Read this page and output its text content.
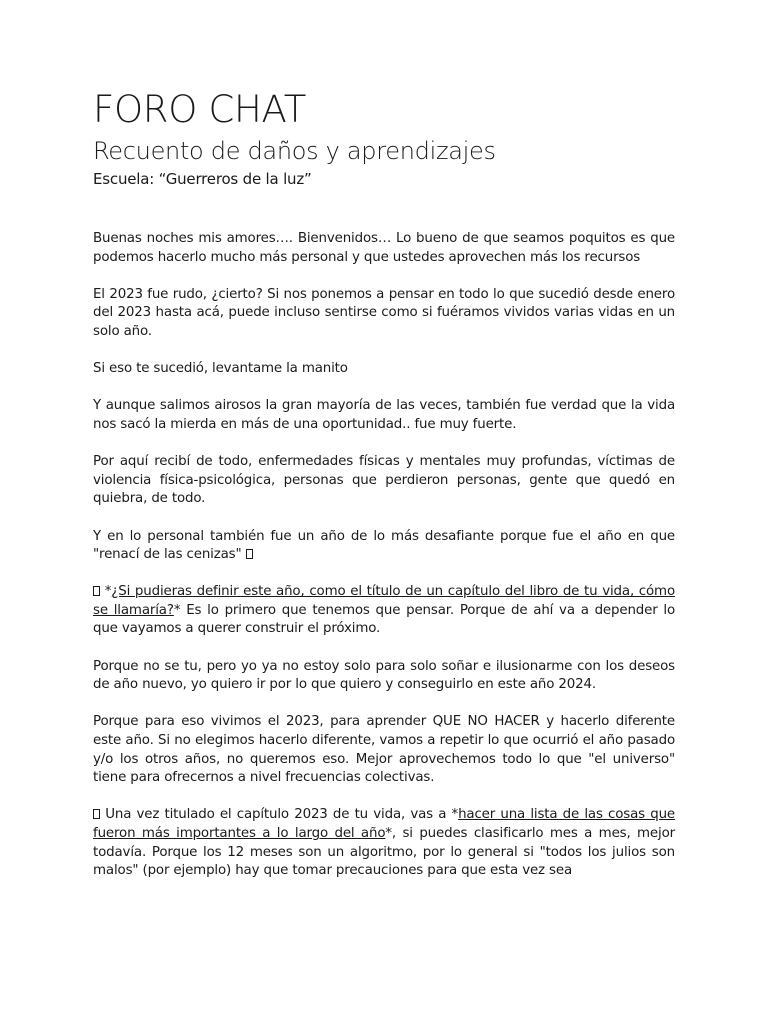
FORO CHAT
Recuento de daños y aprendizajes

Escuela: “Guerreros de la luz”

Buenas noches mis amores…. Bienvenidos… Lo bueno de que seamos poquitos es que podemos hacerlo mucho más personal y que ustedes aprovechen más los recursos

El 2023 fue rudo, ¿cierto? Si nos ponemos a pensar en todo lo que sucedió desde enero del 2023 hasta acá, puede incluso sentirse como si fuéramos vividos varias vidas en un solo año.

Si eso te sucedió, levantame la manito

Y aunque salimos airosos la gran mayoría de las veces, también fue verdad que la vida nos sacó la mierda en más de una oportunidad.. fue muy fuerte.

Por aquí recibí de todo, enfermedades físicas y mentales muy profundas, víctimas de violencia física-psicológica, personas que perdieron personas, gente que quedó en quiebra, de todo.

Y en lo personal también fue un año de lo más desafiante porque fue el año en que "renací de las cenizas"

*¿Si pudieras definir este año, como el título de un capítulo del libro de tu vida, cómo se llamaría?* Es lo primero que tenemos que pensar. Porque de ahí va a depender lo que vayamos a querer construir el próximo.

Porque no se tu, pero yo ya no estoy solo para solo soñar e ilusionarme con los deseos de año nuevo, yo quiero ir por lo que quiero y conseguirlo en este año 2024.

Porque para eso vivimos el 2023, para aprender QUE NO HACER y hacerlo diferente este año. Si no elegimos hacerlo diferente, vamos a repetir lo que ocurrió el año pasado y/o los otros años, no queremos eso. Mejor aprovechemos todo lo que "el universo" tiene para ofrecernos a nivel frecuencias colectivas.

Una vez titulado el capítulo 2023 de tu vida, vas a *hacer una lista de las cosas que fueron más importantes a lo largo del año*, si puedes clasificarlo mes a mes, mejor todavía. Porque los 12 meses son un algoritmo, por lo general si "todos los julios son malos" (por ejemplo) hay que tomar precauciones para que esta vez sea
